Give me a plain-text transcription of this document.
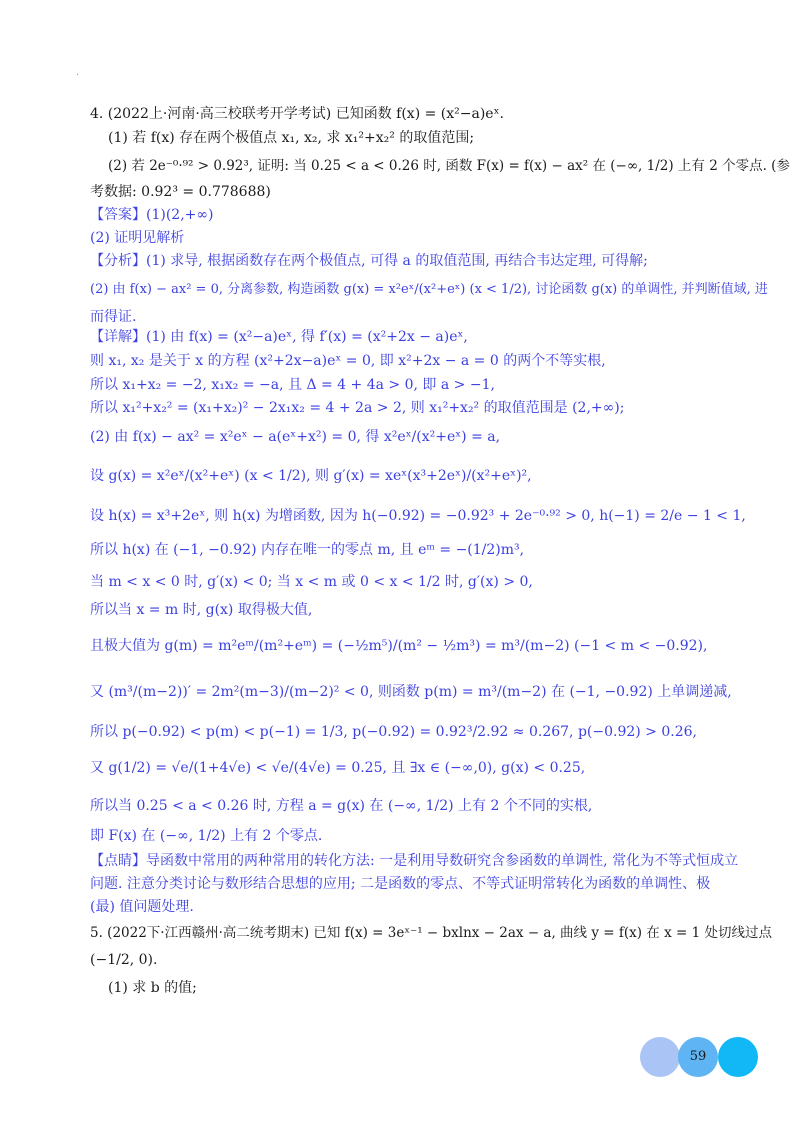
·
4. (2022上·河南·高三校联考开学考试) 已知函数 f(x) = (x²−a)eˣ.
(1) 若 f(x) 存在两个极值点 x₁, x₂, 求 x₁²+x₂² 的取值范围;
(2) 若 2e⁻⁰·⁹² > 0.92³, 证明: 当 0.25 < a < 0.26 时, 函数 F(x) = f(x) − ax² 在 (−∞, 1/2) 上有 2 个零点. (参
考数据: 0.92³ = 0.778688)
【答案】(1)(2,+∞)
(2) 证明见解析
【分析】(1) 求导, 根据函数存在两个极值点, 可得 a 的取值范围, 再结合韦达定理, 可得解;
(2) 由 f(x) − ax² = 0, 分离参数, 构造函数 g(x) = x²eˣ/(x²+eˣ) (x < 1/2), 讨论函数 g(x) 的单调性, 并判断值域, 进
而得证.
【详解】(1) 由 f(x) = (x²−a)eˣ, 得 f′(x) = (x²+2x − a)eˣ,
则 x₁, x₂ 是关于 x 的方程 (x²+2x−a)eˣ = 0, 即 x²+2x − a = 0 的两个不等实根,
所以 x₁+x₂ = −2, x₁x₂ = −a, 且 Δ = 4 + 4a > 0, 即 a > −1,
所以 x₁²+x₂² = (x₁+x₂)² − 2x₁x₂ = 4 + 2a > 2, 则 x₁²+x₂² 的取值范围是 (2,+∞);
(2) 由 f(x) − ax² = x²eˣ − a(eˣ+x²) = 0, 得 x²eˣ/(x²+eˣ) = a,
设 g(x) = x²eˣ/(x²+eˣ) (x < 1/2), 则 g′(x) = xeˣ(x³+2eˣ)/(x²+eˣ)²,
设 h(x) = x³+2eˣ, 则 h(x) 为增函数, 因为 h(−0.92) = −0.92³ + 2e⁻⁰·⁹² > 0, h(−1) = 2/e − 1 < 1,
所以 h(x) 在 (−1, −0.92) 内存在唯一的零点 m, 且 eᵐ = −(1/2)m³,
当 m < x < 0 时, g′(x) < 0; 当 x < m 或 0 < x < 1/2 时, g′(x) > 0,
所以当 x = m 时, g(x) 取得极大值,
且极大值为 g(m) = m²eᵐ/(m²+eᵐ) = (−½m⁵)/(m² − ½m³) = m³/(m−2) (−1 < m < −0.92),
又 (m³/(m−2))′ = 2m²(m−3)/(m−2)² < 0, 则函数 p(m) = m³/(m−2) 在 (−1, −0.92) 上单调递减,
所以 p(−0.92) < p(m) < p(−1) = 1/3, p(−0.92) = 0.92³/2.92 ≈ 0.267, p(−0.92) > 0.26,
又 g(1/2) = √e/(1+4√e) < √e/(4√e) = 0.25, 且 ∃x ∈ (−∞,0), g(x) < 0.25,
所以当 0.25 < a < 0.26 时, 方程 a = g(x) 在 (−∞, 1/2) 上有 2 个不同的实根,
即 F(x) 在 (−∞, 1/2) 上有 2 个零点.
【点睛】导函数中常用的两种常用的转化方法: 一是利用导数研究含参函数的单调性, 常化为不等式恒成立
问题. 注意分类讨论与数形结合思想的应用; 二是函数的零点、不等式证明常转化为函数的单调性、极
(最) 值问题处理.
5. (2022下·江西赣州·高二统考期末) 已知 f(x) = 3eˣ⁻¹ − bxlnx − 2ax − a, 曲线 y = f(x) 在 x = 1 处切线过点
(−1/2, 0).
(1) 求 b 的值;
59
